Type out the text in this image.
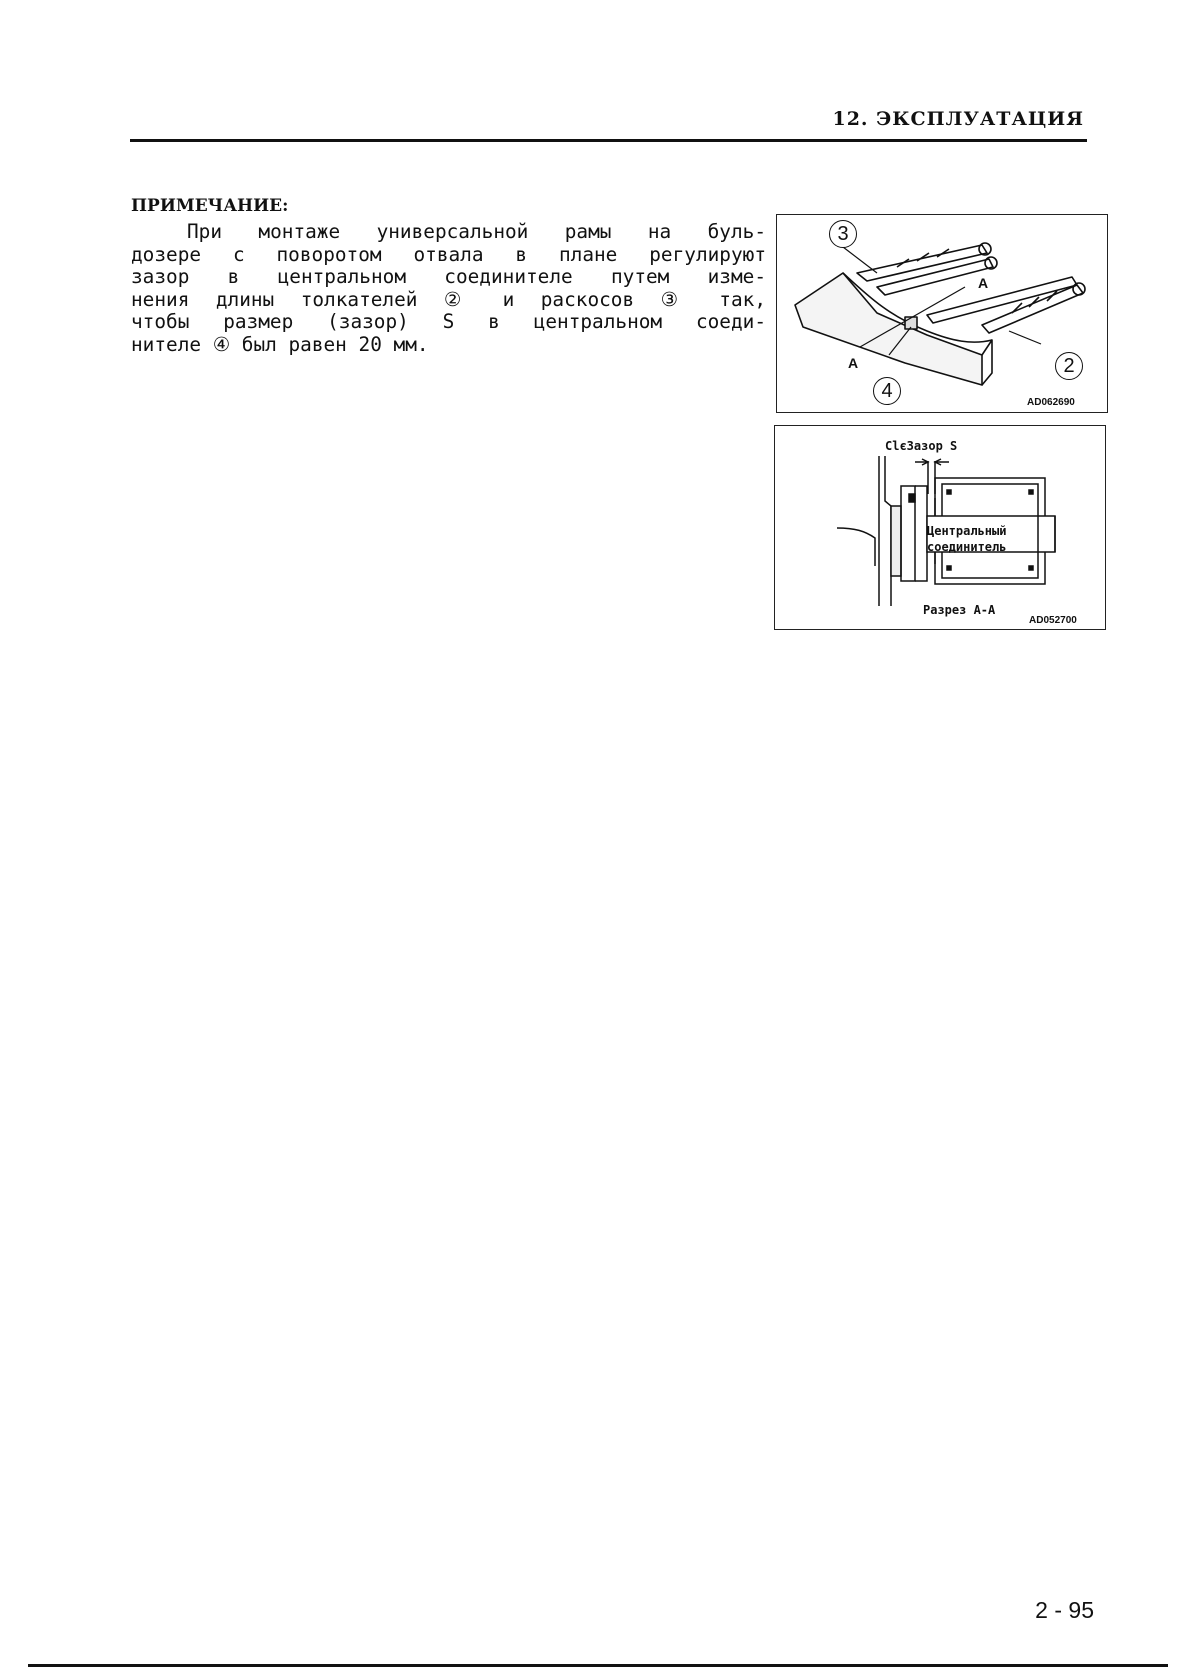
12. ЭКСПЛУАТАЦИЯ
ПРИМЕЧАНИЕ:
При монтаже универсальной рамы на буль-
дозере с поворотом отвала в плане регулируют
зазор в центральном соединителе путем изме-
нения длины толкателей ② и раскосов ③ так,
чтобы размер (зазор) S в центральном соеди-
нителе ④ был равен 20 мм.
3
2
4
A
A
AD062690
ClєЗазор S
Центральный
соединитель
Разрез A-A
AD052700
2 - 95
